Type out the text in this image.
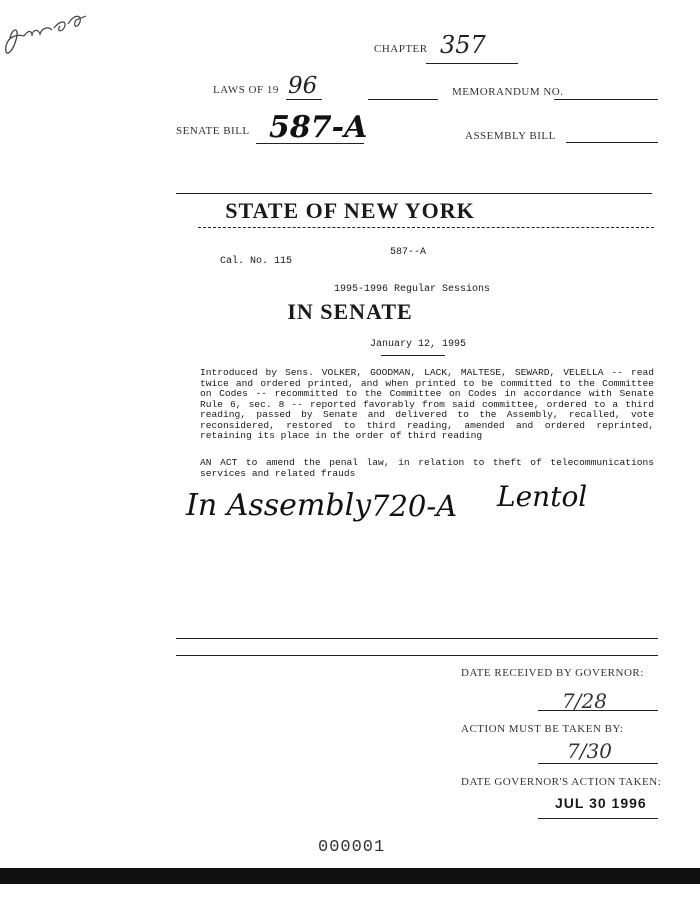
CHAPTER 357
LAWS OF 19 96	MEMORANDUM NO.
SENATE BILL 587-A	ASSEMBLY BILL
STATE OF NEW YORK
587--A
Cal. No. 115
1995-1996 Regular Sessions
IN SENATE
January 12, 1995
Introduced by Sens. VOLKER, GOODMAN, LACK, MALTESE, SEWARD, VELELLA -- read twice and ordered printed, and when printed to be committed to the Committee on Codes -- recommitted to the Committee on Codes in accordance with Senate Rule 6, sec. 8 -- reported favorably from said committee, ordered to a third reading, passed by Senate and delivered to the Assembly, recalled, vote reconsidered, restored to third reading, amended and ordered reprinted, retaining its place in the order of third reading
AN ACT to amend the penal law, in relation to theft of telecommunications services and related frauds
In Assembly 720-A Lentol
DATE RECEIVED BY GOVERNOR:
7/28
ACTION MUST BE TAKEN BY:
7/30
DATE GOVERNOR'S ACTION TAKEN:
JUL 30 1996
000001
